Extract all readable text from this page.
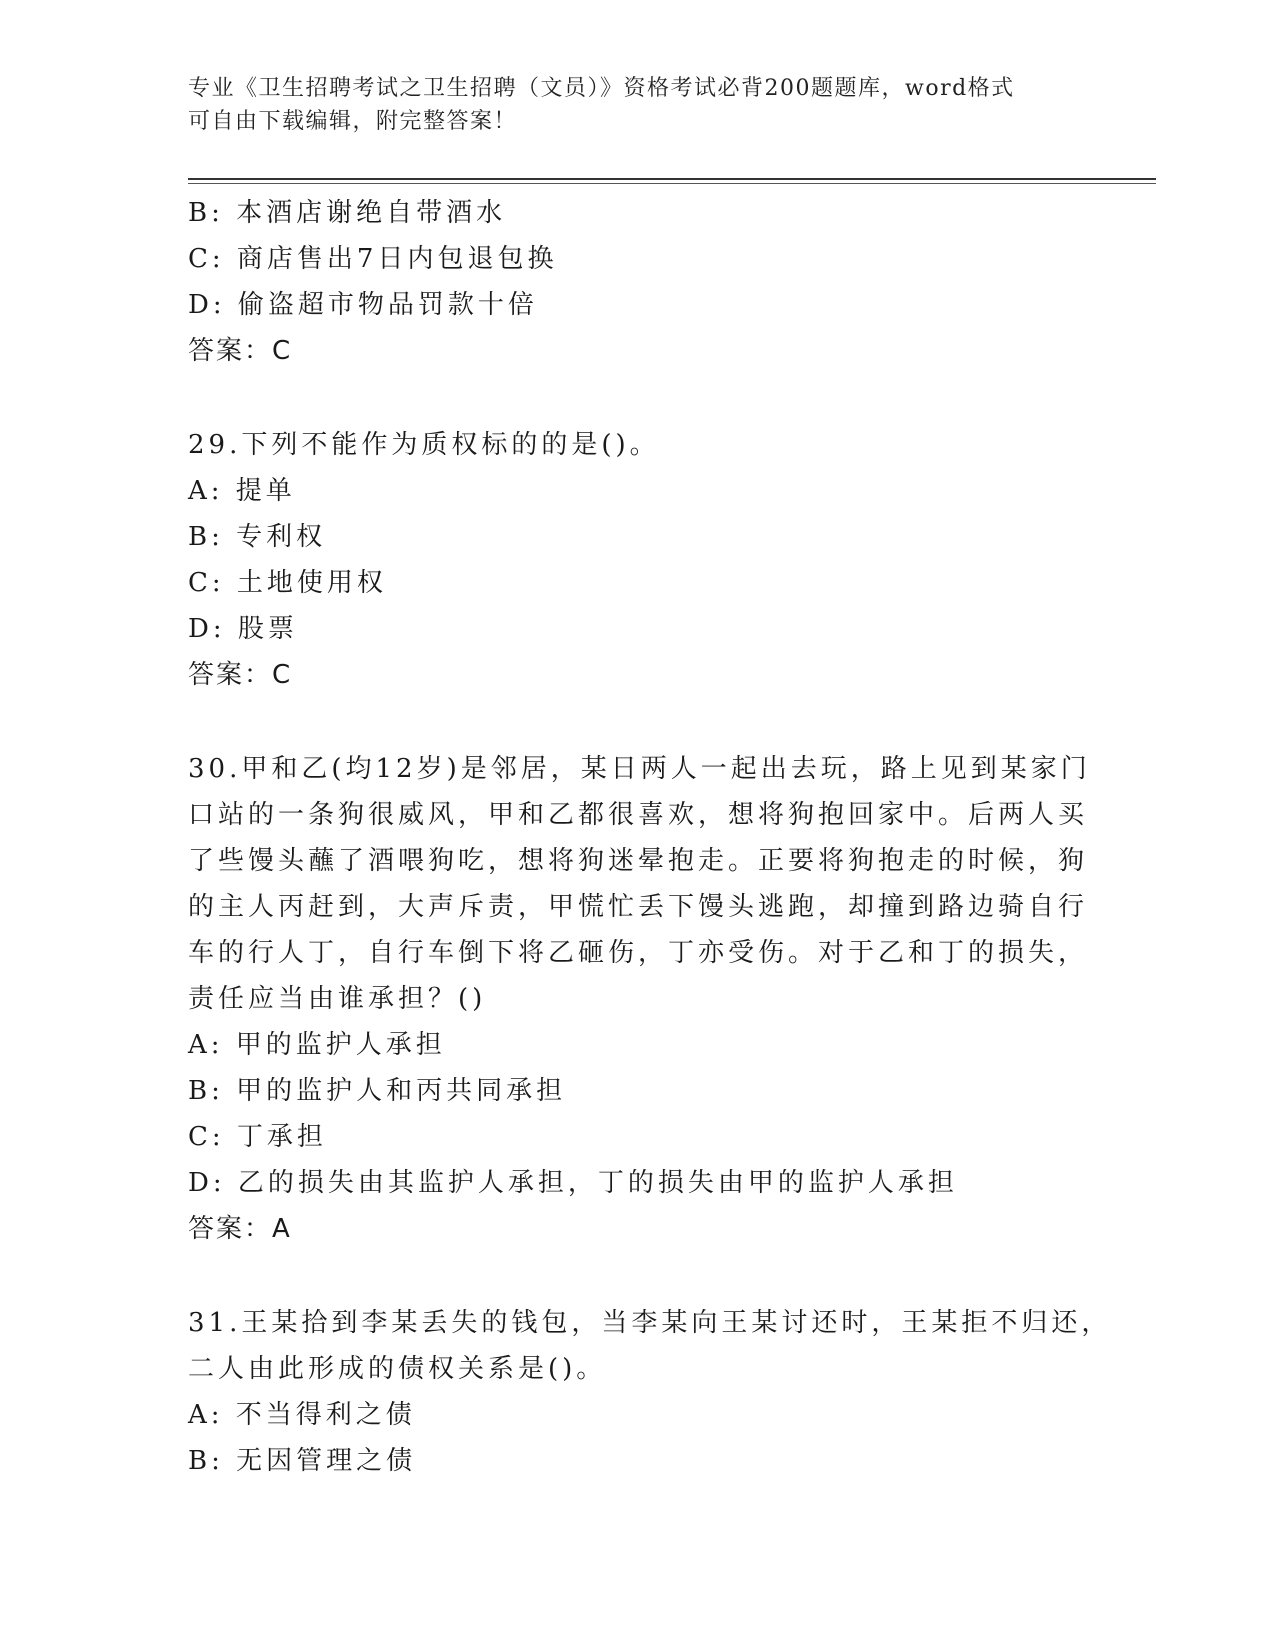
专业《卫生招聘考试之卫生招聘（文员）》资格考试必背200题题库，word格式
可自由下载编辑，附完整答案！
B: 本酒店谢绝自带酒水
C: 商店售出7日内包退包换
D: 偷盗超市物品罚款十倍
答案：C
29.下列不能作为质权标的的是()。
A: 提单
B: 专利权
C: 土地使用权
D: 股票
答案：C
30.甲和乙(均12岁)是邻居，某日两人一起出去玩，路上见到某家门
口站的一条狗很威风，甲和乙都很喜欢，想将狗抱回家中。后两人买
了些馒头蘸了酒喂狗吃，想将狗迷晕抱走。正要将狗抱走的时候，狗
的主人丙赶到，大声斥责，甲慌忙丢下馒头逃跑，却撞到路边骑自行
车的行人丁，自行车倒下将乙砸伤，丁亦受伤。对于乙和丁的损失，
责任应当由谁承担？()
A: 甲的监护人承担
B: 甲的监护人和丙共同承担
C: 丁承担
D: 乙的损失由其监护人承担，丁的损失由甲的监护人承担
答案：A
31.王某拾到李某丢失的钱包，当李某向王某讨还时，王某拒不归还，
二人由此形成的债权关系是()。
A: 不当得利之债
B: 无因管理之债
